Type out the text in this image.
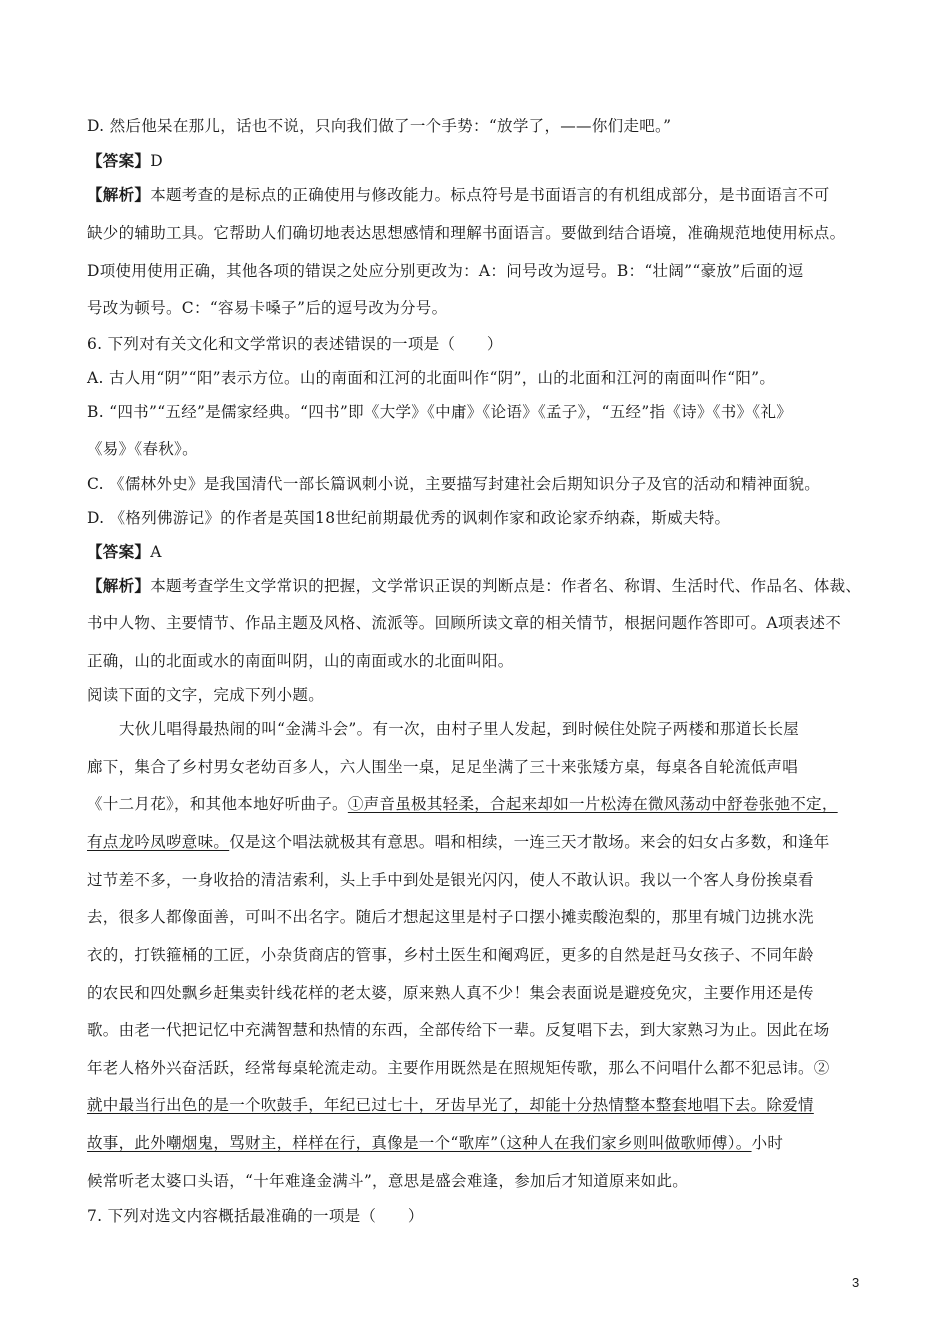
D. 然后他呆在那儿，话也不说，只向我们做了一个手势：“放学了，——你们走吧。”
【答案】D
【解析】本题考查的是标点的正确使用与修改能力。标点符号是书面语言的有机组成部分，是书面语言不可
缺少的辅助工具。它帮助人们确切地表达思想感情和理解书面语言。要做到结合语境，准确规范地使用标点。
D项使用使用正确，其他各项的错误之处应分别更改为：A：问号改为逗号。B：“壮阔”“豪放”后面的逗
号改为顿号。C：“容易卡嗓子”后的逗号改为分号。
6. 下列对有关文化和文学常识的表述错误的一项是（　　）
A. 古人用“阴”“阳”表示方位。山的南面和江河的北面叫作“阴”，山的北面和江河的南面叫作“阳”。
B. “四书”“五经”是儒家经典。“四书”即《大学》《中庸》《论语》《孟子》，“五经”指《诗》《书》《礼》
《易》《春秋》。
C. 《儒林外史》是我国清代一部长篇讽刺小说，主要描写封建社会后期知识分子及官的活动和精神面貌。
D. 《格列佛游记》的作者是英国18世纪前期最优秀的讽刺作家和政论家乔纳森，斯威夫特。
【答案】A
【解析】本题考查学生文学常识的把握，文学常识正误的判断点是：作者名、称谓、生活时代、作品名、体裁、
书中人物、主要情节、作品主题及风格、流派等。回顾所读文章的相关情节，根据问题作答即可。A项表述不
正确，山的北面或水的南面叫阴，山的南面或水的北面叫阳。
阅读下面的文字，完成下列小题。
大伙儿唱得最热闹的叫“金满斗会”。有一次，由村子里人发起，到时候住处院子两楼和那道长长屋
廊下，集合了乡村男女老幼百多人，六人围坐一桌，足足坐满了三十来张矮方桌，每桌各自轮流低声唱
《十二月花》，和其他本地好听曲子。①声音虽极其轻柔，合起来却如一片松涛在微风荡动中舒卷张弛不定，
有点龙吟凤哕意味。仅是这个唱法就极其有意思。唱和相续，一连三天才散场。来会的妇女占多数，和逢年
过节差不多，一身收拾的清洁索利，头上手中到处是银光闪闪，使人不敢认识。我以一个客人身份挨桌看
去，很多人都像面善，可叫不出名字。随后才想起这里是村子口摆小摊卖酸泡梨的，那里有城门边挑水洗
衣的，打铁箍桶的工匠，小杂货商店的管事，乡村土医生和阉鸡匠，更多的自然是赶马女孩子、不同年龄
的农民和四处飘乡赶集卖针线花样的老太婆，原来熟人真不少！集会表面说是避疫免灾，主要作用还是传
歌。由老一代把记忆中充满智慧和热情的东西，全部传给下一辈。反复唱下去，到大家熟习为止。因此在场
年老人格外兴奋活跃，经常每桌轮流走动。主要作用既然是在照规矩传歌，那么不问唱什么都不犯忌讳。②
就中最当行出色的是一个吹鼓手，年纪已过七十，牙齿早光了，却能十分热情整本整套地唱下去。除爱情
故事，此外嘲烟鬼，骂财主，样样在行，真像是一个“歌库”（这种人在我们家乡则叫做歌师傅）。小时
候常听老太婆口头语，“十年难逢金满斗”，意思是盛会难逢，参加后才知道原来如此。
7. 下列对选文内容概括最准确的一项是（　　）
3
